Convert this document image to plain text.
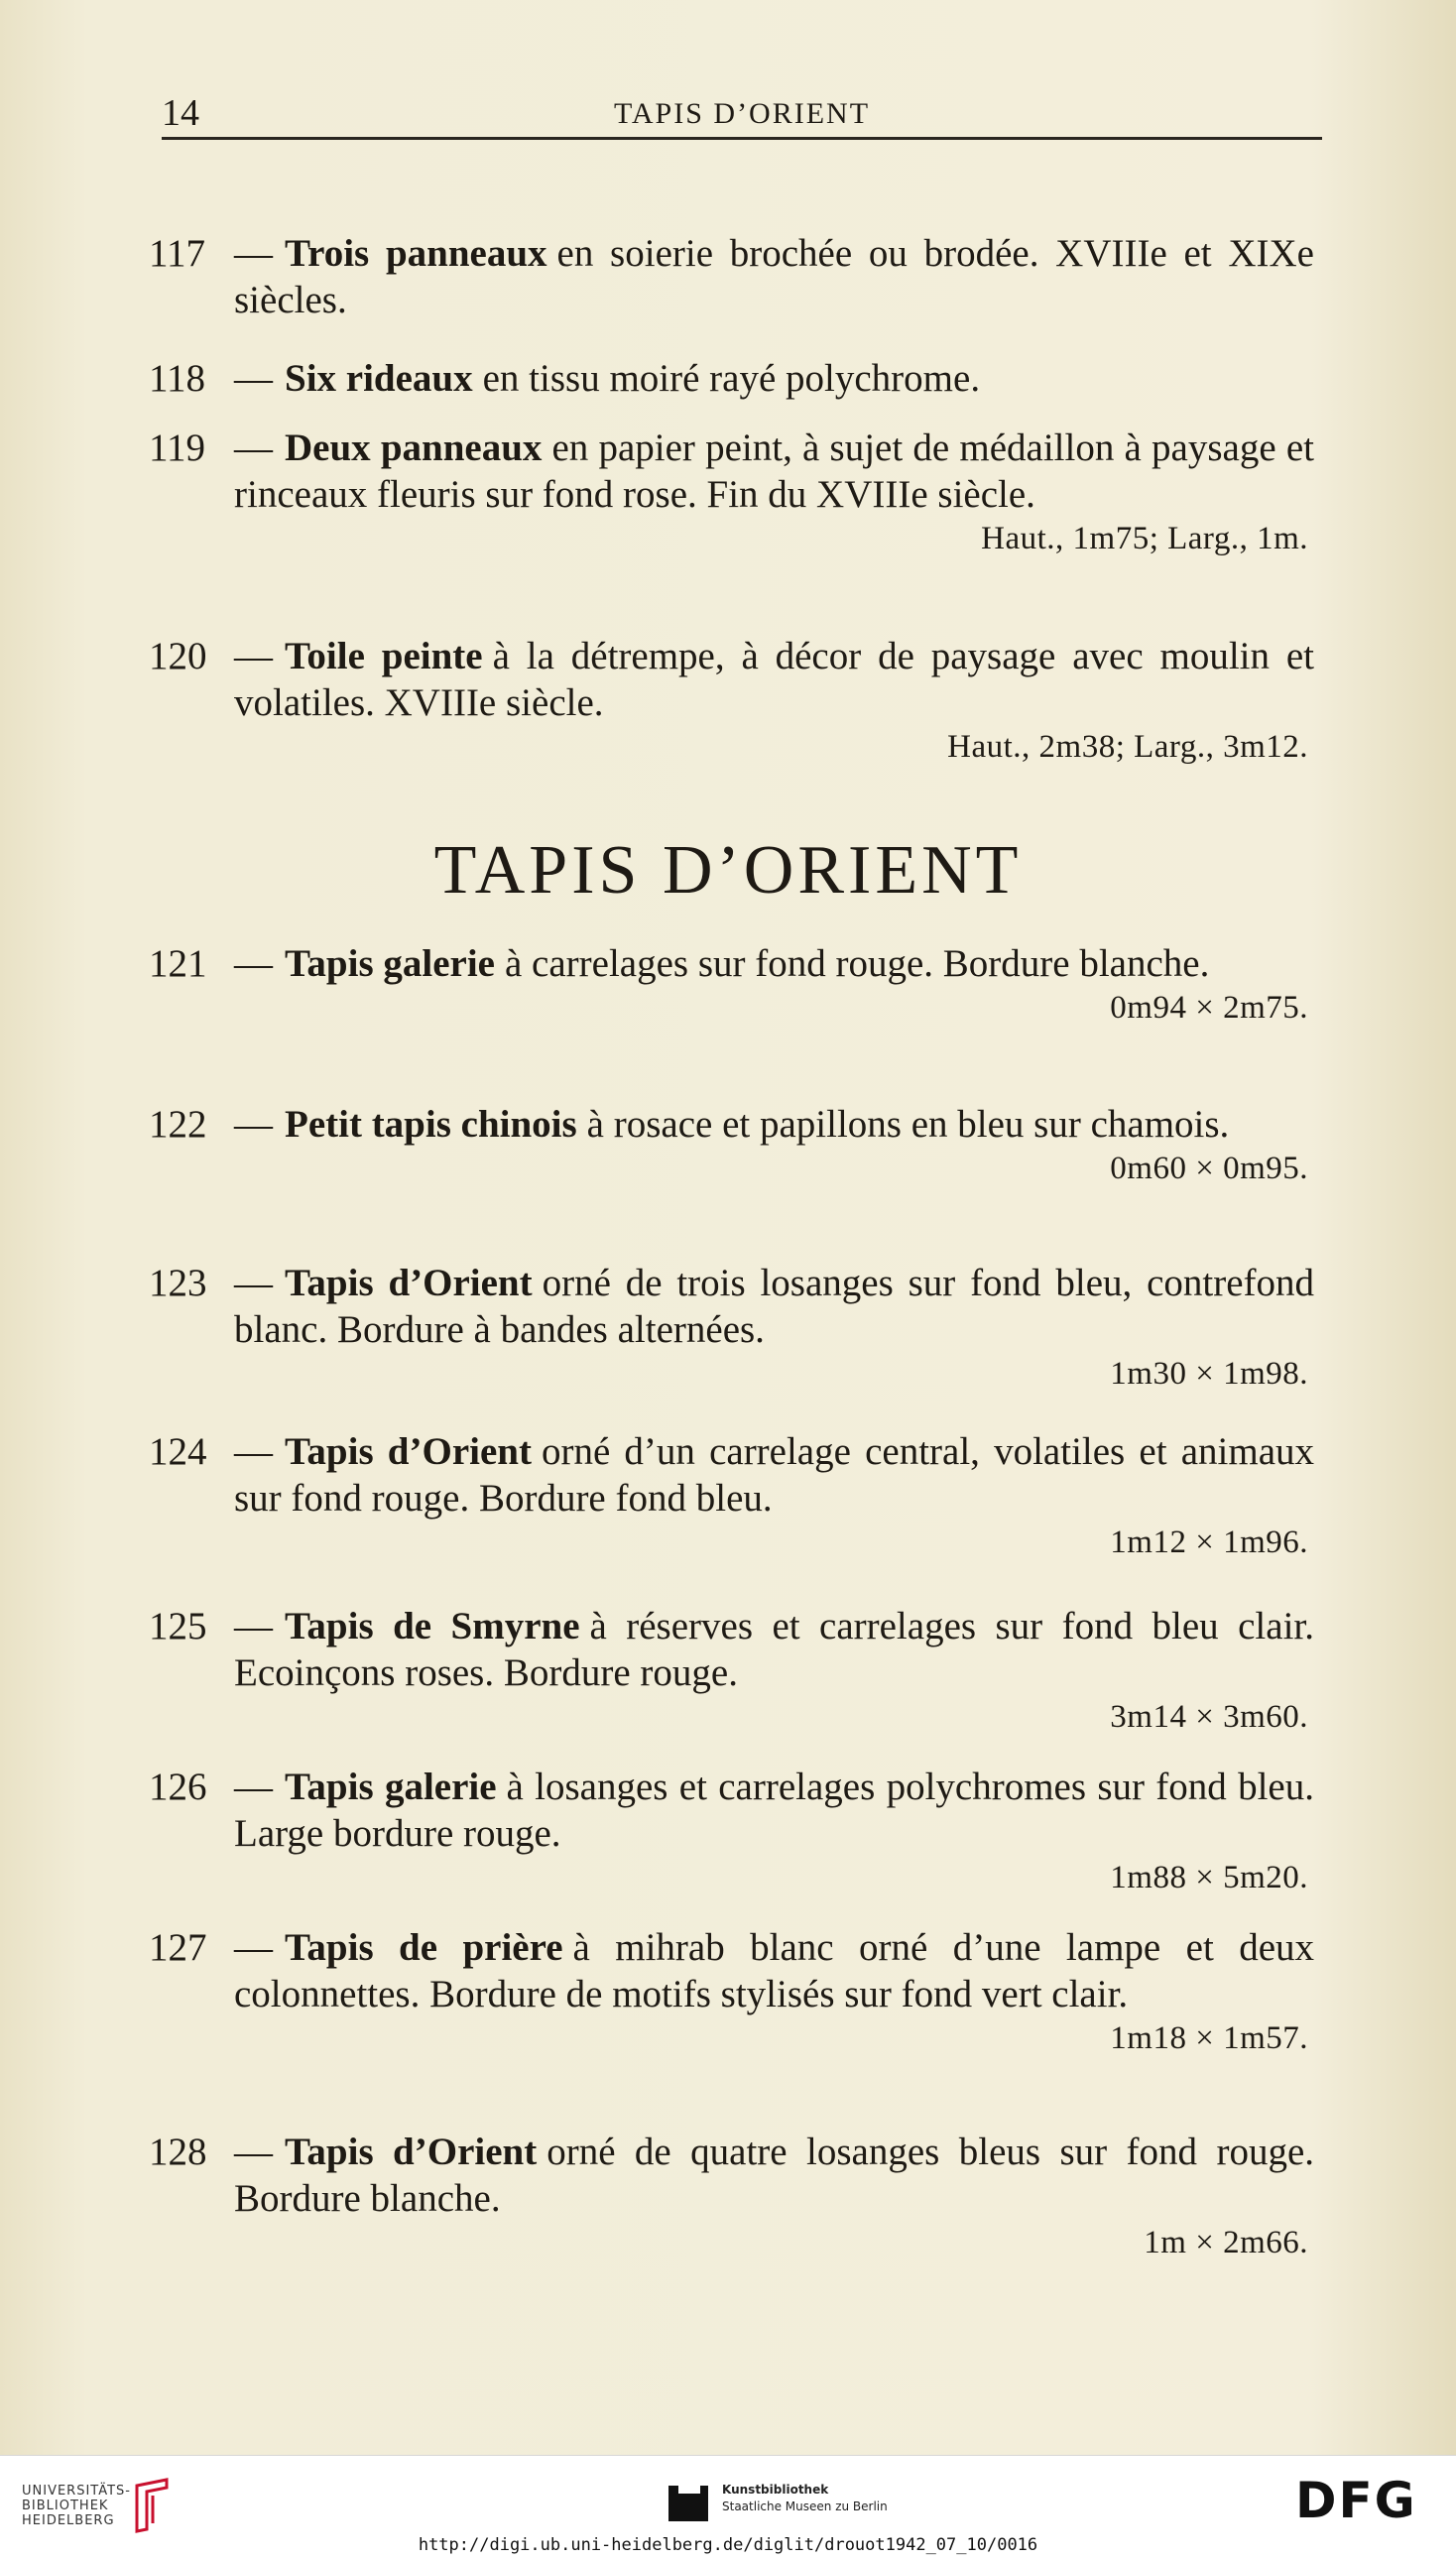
14	TAPIS D’ORIENT
117 — Trois panneaux en soierie brochée ou brodée. XVIIIe et XIXe siècles.
118 — Six rideaux en tissu moiré rayé polychrome.
119 — Deux panneaux en papier peint, à sujet de médaillon à paysage et rinceaux fleuris sur fond rose. Fin du XVIIIe siècle.
Haut., 1m75; Larg., 1m.
120 — Toile peinte à la détrempe, à décor de paysage avec moulin et volatiles. XVIIIe siècle.
Haut., 2m38; Larg., 3m12.
TAPIS D’ORIENT
121 — Tapis galerie à carrelages sur fond rouge. Bordure blanche.
0m94 × 2m75.
122 — Petit tapis chinois à rosace et papillons en bleu sur chamois.
0m60 × 0m95.
123 — Tapis d’Orient orné de trois losanges sur fond bleu, contrefond blanc. Bordure à bandes alternées.
1m30 × 1m98.
124 — Tapis d’Orient orné d’un carrelage central, volatiles et animaux sur fond rouge. Bordure fond bleu.
1m12 × 1m96.
125 — Tapis de Smyrne à réserves et carrelages sur fond bleu clair. Ecoinçons roses. Bordure rouge.
3m14 × 3m60.
126 — Tapis galerie à losanges et carrelages polychromes sur fond bleu. Large bordure rouge.
1m88 × 5m20.
127 — Tapis de prière à mihrab blanc orné d’une lampe et deux colonnettes. Bordure de motifs stylisés sur fond vert clair.
1m18 × 1m57.
128 — Tapis d’Orient orné de quatre losanges bleus sur fond rouge. Bordure blanche.
1m × 2m66.
UNIVERSITÄTS-
BIBLIOTHEK
HEIDELBERG
Kunstbibliothek
Staatliche Museen zu Berlin	DFG
http://digi.ub.uni-heidelberg.de/diglit/drouot1942_07_10/0016
